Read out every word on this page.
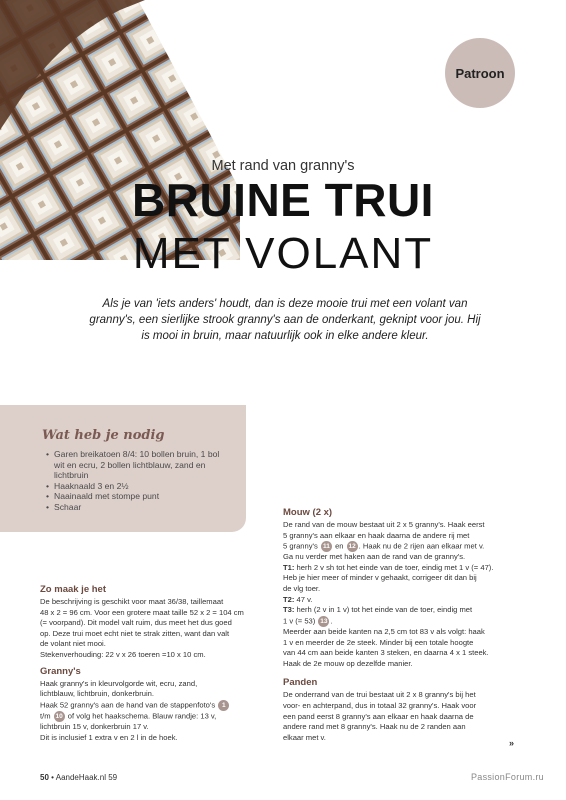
Patroon
Met rand van granny's
BRUINE TRUI
MET VOLANT

Als je van 'iets anders' houdt, dan is deze mooie trui met een volant van granny's, een sierlijke strook granny's aan de onderkant, geknipt voor jou. Hij is mooi in bruin, maar natuurlijk ook in elke andere kleur.

Wat heb je nodig
• Garen breikatoen 8/4: 10 bollen bruin, 1 bol wit en ecru, 2 bollen lichtblauw, zand en lichtbruin
• Haaknaald 3 en 2½
• Naainaald met stompe punt
• Schaar
Zo maak je het

De beschrijving is geschikt voor maat 36/38, taillemaat

48 x 2 = 96 cm. Voor een grotere maat taille 52 x 2 = 104 cm

(= voorpand). Dit model valt ruim, dus meet het dus goed

op. Deze trui moet echt niet te strak zitten, want dan valt

de volant niet mooi.

Stekenverhouding: 22 v x 26 toeren =10 x 10 cm.

Granny's

Haak granny's in kleurvolgorde wit, ecru, zand,

lichtblauw, lichtbruin, donkerbruin.

Haak 52 granny's aan de hand van de stappenfoto's 1

t/m 10 of volg het haakschema. Blauw randje: 13 v,

lichtbruin 15 v, donkerbruin 17 v.

Dit is inclusief 1 extra v en 2 l in de hoek.

Mouw (2 x)

De rand van de mouw bestaat uit 2 x 5 granny's. Haak eerst

5 granny's aan elkaar en haak daarna de andere rij met

5 granny's 11 en 12 . Haak nu de 2 rijen aan elkaar met v.

Ga nu verder met haken aan de rand van de granny's.

T1: herh 2 v sh tot het einde van de toer, eindig met 1 v (= 47).

Heb je hier meer of minder v gehaakt, corrigeer dit dan bij

de vlg toer.

T2: 47 v.

T3: herh (2 v in 1 v) tot het einde van de toer, eindig met

1 v (= 53) 13 .

Meerder aan beide kanten na 2,5 cm tot 83 v als volgt: haak

1 v en meerder de 2e steek. Minder bij een totale hoogte

van 44 cm aan beide kanten 3 steken, en daarna 4 x 1 steek.

Haak de 2e mouw op dezelfde manier.

Panden

De onderrand van de trui bestaat uit 2 x 8 granny's bij het

voor- en achterpand, dus in totaal 32 granny's. Haak voor

een pand eerst 8 granny's aan elkaar en haak daarna de

andere rand met 8 granny's. Haak nu de 2 randen aan

elkaar met v.

»
50 • AandeHaak.nl 59	PassionForum.ru
